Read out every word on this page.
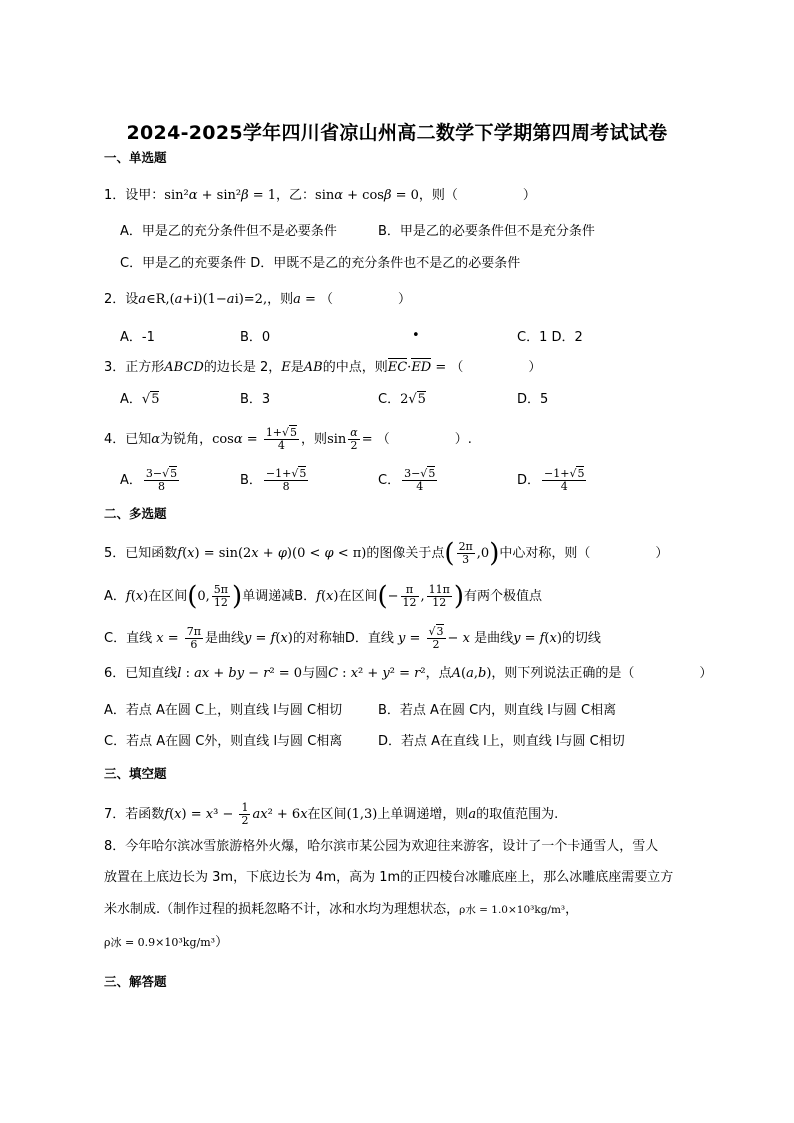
2024-2025学年四川省凉山州高二数学下学期第四周考试试卷
一、单选题
1．设甲：sin²α + sin²β = 1，乙：sinα + cosβ = 0，则（　　　　　）
A．甲是乙的充分条件但不是必要条件	B．甲是乙的必要条件但不是充分条件
C．甲是乙的充要条件 D．甲既不是乙的充分条件也不是乙的必要条件
2．设a∈R,(a+i)(1−ai)=2,，则a = （　　　　　）
A．-1	B．0	•	C．1 D．2
3．正方形ABCD的边长是 2，E是AB的中点，则EC·ED = （　　　　　）
A．√5	B．3	C．2√5	D．5
4．已知α为锐角，$\cos\alpha = \frac{1+√5}{4}$ ，则$\sin \frac{\alpha}{2}$ = （　　　　　）.
A． $\frac{3-√5}{8}$	B． $\frac{-1+√5}{8}$	C． $\frac{3-√5}{4}$	D． $\frac{-1+√5}{4}$
二、多选题
5．已知函数f(x) = sin(2x + φ)(0 < φ < π)的图像关于点( $\frac{2\pi}{3} ,0$)中心对称，则（　　　　　）
A．f(x)在区间(0, $\frac{5\pi}{12}$ )单调递减B．f(x)在区间(− $\frac{\pi}{12}$ , $\frac{11\pi}{12}$ )有两个极值点
C．直线 $x = \frac{7\pi}{6}$ 是曲线y = f(x)的对称轴D．直线 $y = \frac{√3}{2} - x$ 是曲线y = f(x)的切线
6．已知直线l : ax + by − r² = 0与圆C : x² + y² = r²，点A(a,b)，则下列说法正确的是（　　　　　）
A．若点 A在圆 C上，则直线 l与圆 C相切	B．若点 A在圆 C内，则直线 l与圆 C相离
C．若点 A在圆 C外，则直线 l与圆 C相离	D．若点 A在直线 l上，则直线 l与圆 C相切
三、填空题
7．若函数$f(x) = x^3 - \frac{1}{2} ax^2 + 6x$在区间(1,3)上单调递增，则a的取值范围为.
8．今年哈尔滨冰雪旅游格外火爆，哈尔滨市某公园为欢迎往来游客，设计了一个卡通雪人，雪人
放置在上底边长为 3m，下底边长为 4m，高为 1m的正四棱台冰雕底座上，那么冰雕底座需要立方
米水制成.（制作过程的损耗忽略不计，冰和水均为理想状态，ρ水 = 1.0×10³kg/m³，
ρ冰 = 0.9×10³kg/m³）
三、解答题
